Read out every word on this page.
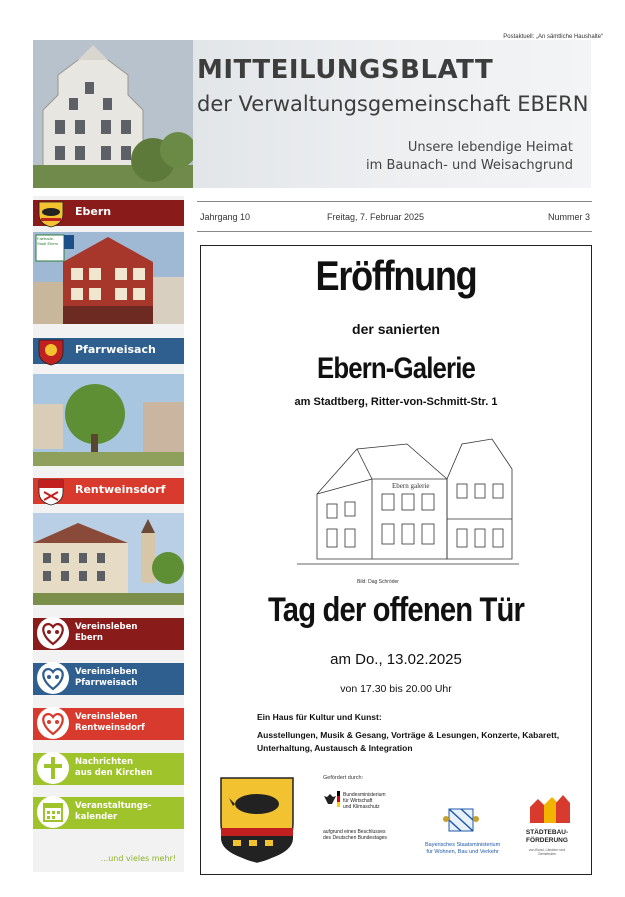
Postaktuell: „An sämtliche Haushalte“
MITTEILUNGSBLATT
der Verwaltungsgemeinschaft EBERN
Unsere lebendige Heimat
im Baunach- und Weisachgrund
Ebern
Fairtrade-Stadt Ebern
Pfarrweisach
Rentweinsdorf
Vereinsleben
Ebern
Vereinsleben
Pfarrweisach
Vereinsleben
Rentweinsdorf
Nachrichten
aus den Kirchen
Veranstaltungs-
kalender
...und vieles mehr!
Jahrgang 10	Freitag, 7. Februar 2025	Nummer 3
Eröffnung
der sanierten
Ebern-Galerie
am Stadtberg, Ritter-von-Schmitt-Str. 1
Ebern galerie
Bild: Dag Schröder
Tag der offenen Tür
am Do., 13.02.2025
von 17.30 bis 20.00 Uhr
Ein Haus für Kultur und Kunst:
Ausstellungen, Musik & Gesang, Vorträge & Lesungen, Konzerte, Kabarett,
Unterhaltung, Austausch & Integration
Gefördert durch:
Bundesministerium
für Wirtschaft
und Klimaschutz
aufgrund eines Beschlusses
des Deutschen Bundestages
Bayerisches Staatsministerium
für Wohnen, Bau und Verkehr
STÄDTEBAU-
FÖRDERUNG
von Bund, Ländern und
Gemeinden
